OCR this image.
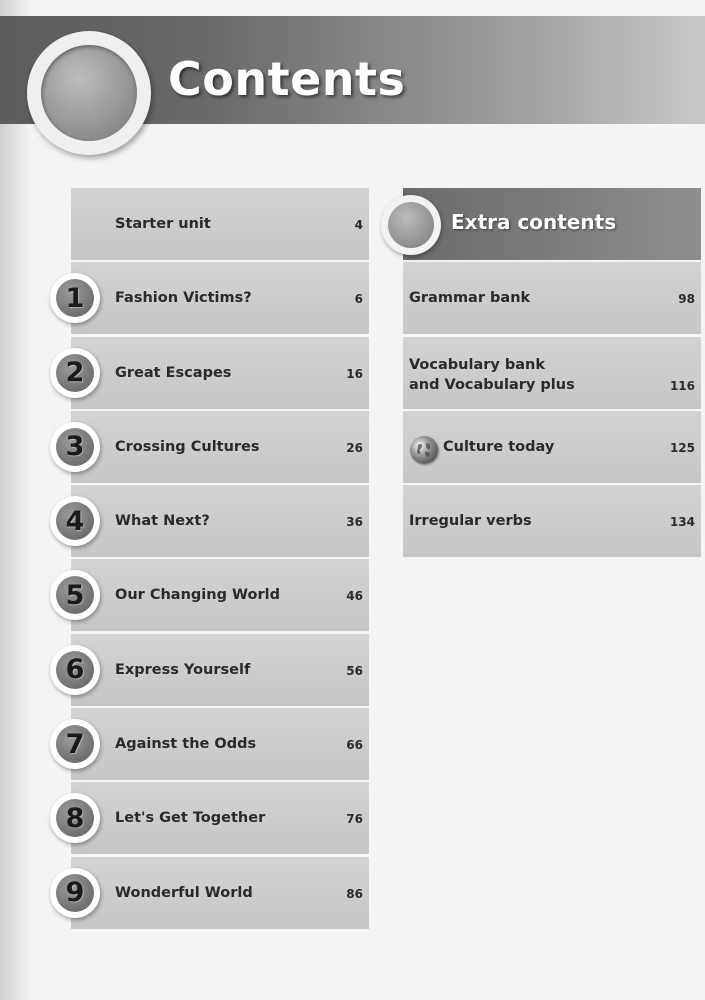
Contents
Starter unit	4
1 Fashion Victims?	6
2 Great Escapes	16
3 Crossing Cultures	26
4 What Next?	36
5 Our Changing World	46
6 Express Yourself	56
7 Against the Odds	66
8 Let's Get Together	76
9 Wonderful World	86
Extra contents
Grammar bank	98
Vocabulary bank
and Vocabulary plus	116
Culture today	125
Irregular verbs	134
